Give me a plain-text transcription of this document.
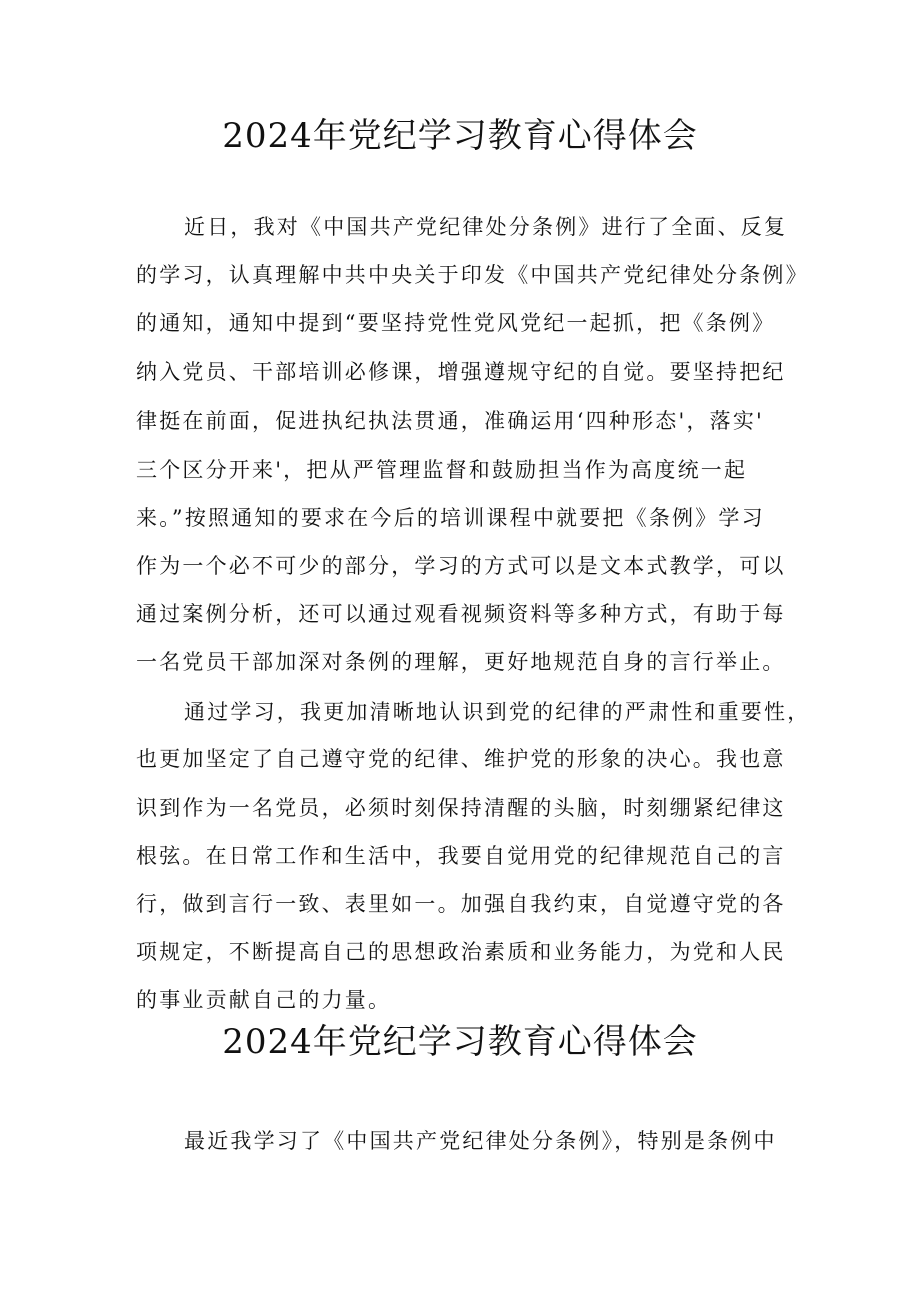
2024年党纪学习教育心得体会
近日，我对《中国共产党纪律处分条例》进行了全面、反复
的学习，认真理解中共中央关于印发《中国共产党纪律处分条例》
的通知，通知中提到“要坚持党性党风党纪一起抓，把《条例》
纳入党员、干部培训必修课，增强遵规守纪的自觉。要坚持把纪
律挺在前面，促进执纪执法贯通，准确运用‘四种形态'，落实'
三个区分开来'，把从严管理监督和鼓励担当作为高度统一起
来。”按照通知的要求在今后的培训课程中就要把《条例》学习
作为一个必不可少的部分，学习的方式可以是文本式教学，可以
通过案例分析，还可以通过观看视频资料等多种方式，有助于每
一名党员干部加深对条例的理解，更好地规范自身的言行举止。
通过学习，我更加清晰地认识到党的纪律的严肃性和重要性，
也更加坚定了自己遵守党的纪律、维护党的形象的决心。我也意
识到作为一名党员，必须时刻保持清醒的头脑，时刻绷紧纪律这
根弦。在日常工作和生活中，我要自觉用党的纪律规范自己的言
行，做到言行一致、表里如一。加强自我约束，自觉遵守党的各
项规定，不断提高自己的思想政治素质和业务能力，为党和人民
的事业贡献自己的力量。
2024年党纪学习教育心得体会
最近我学习了《中国共产党纪律处分条例》，特别是条例中
